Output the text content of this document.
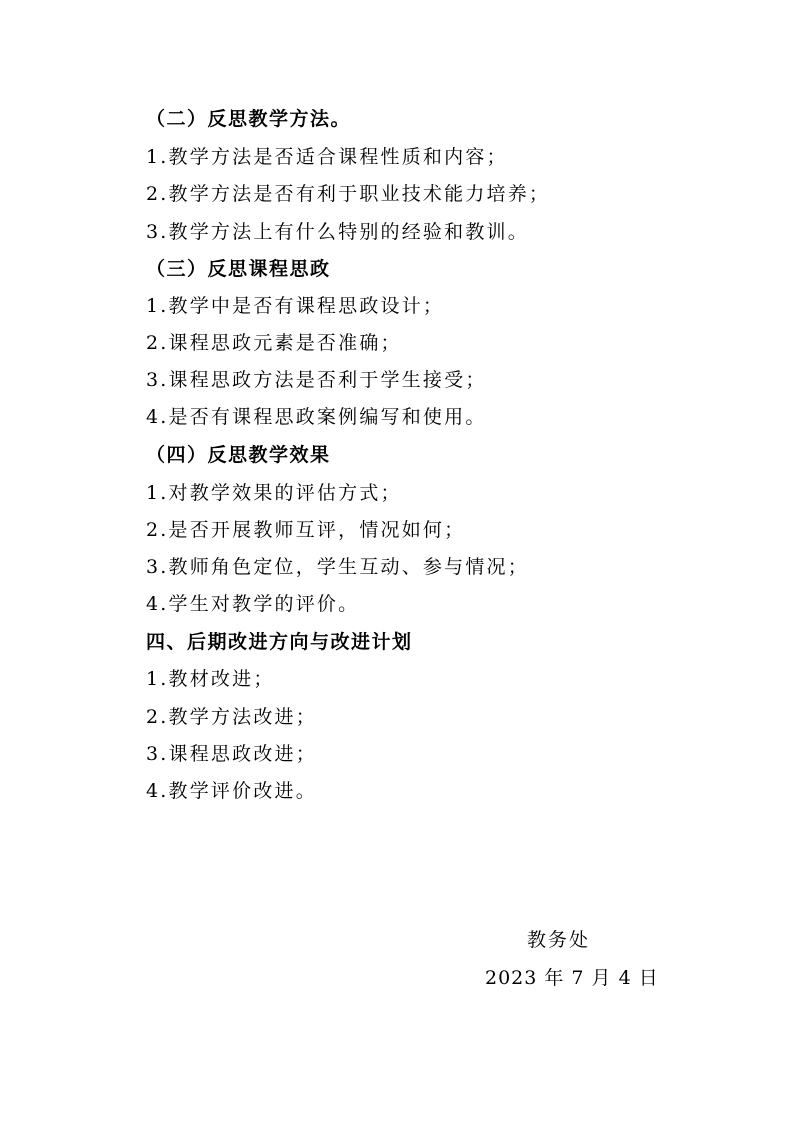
（二）反思教学方法。
1.教学方法是否适合课程性质和内容；
2.教学方法是否有利于职业技术能力培养；
3.教学方法上有什么特别的经验和教训。
（三）反思课程思政
1.教学中是否有课程思政设计；
2.课程思政元素是否准确；
3.课程思政方法是否利于学生接受；
4.是否有课程思政案例编写和使用。
（四）反思教学效果
1.对教学效果的评估方式；
2.是否开展教师互评，情况如何；
3.教师角色定位，学生互动、参与情况；
4.学生对教学的评价。
四、后期改进方向与改进计划
1.教材改进；
2.教学方法改进；
3.课程思政改进；
4.教学评价改进。
教务处
2023 年 7 月 4 日
